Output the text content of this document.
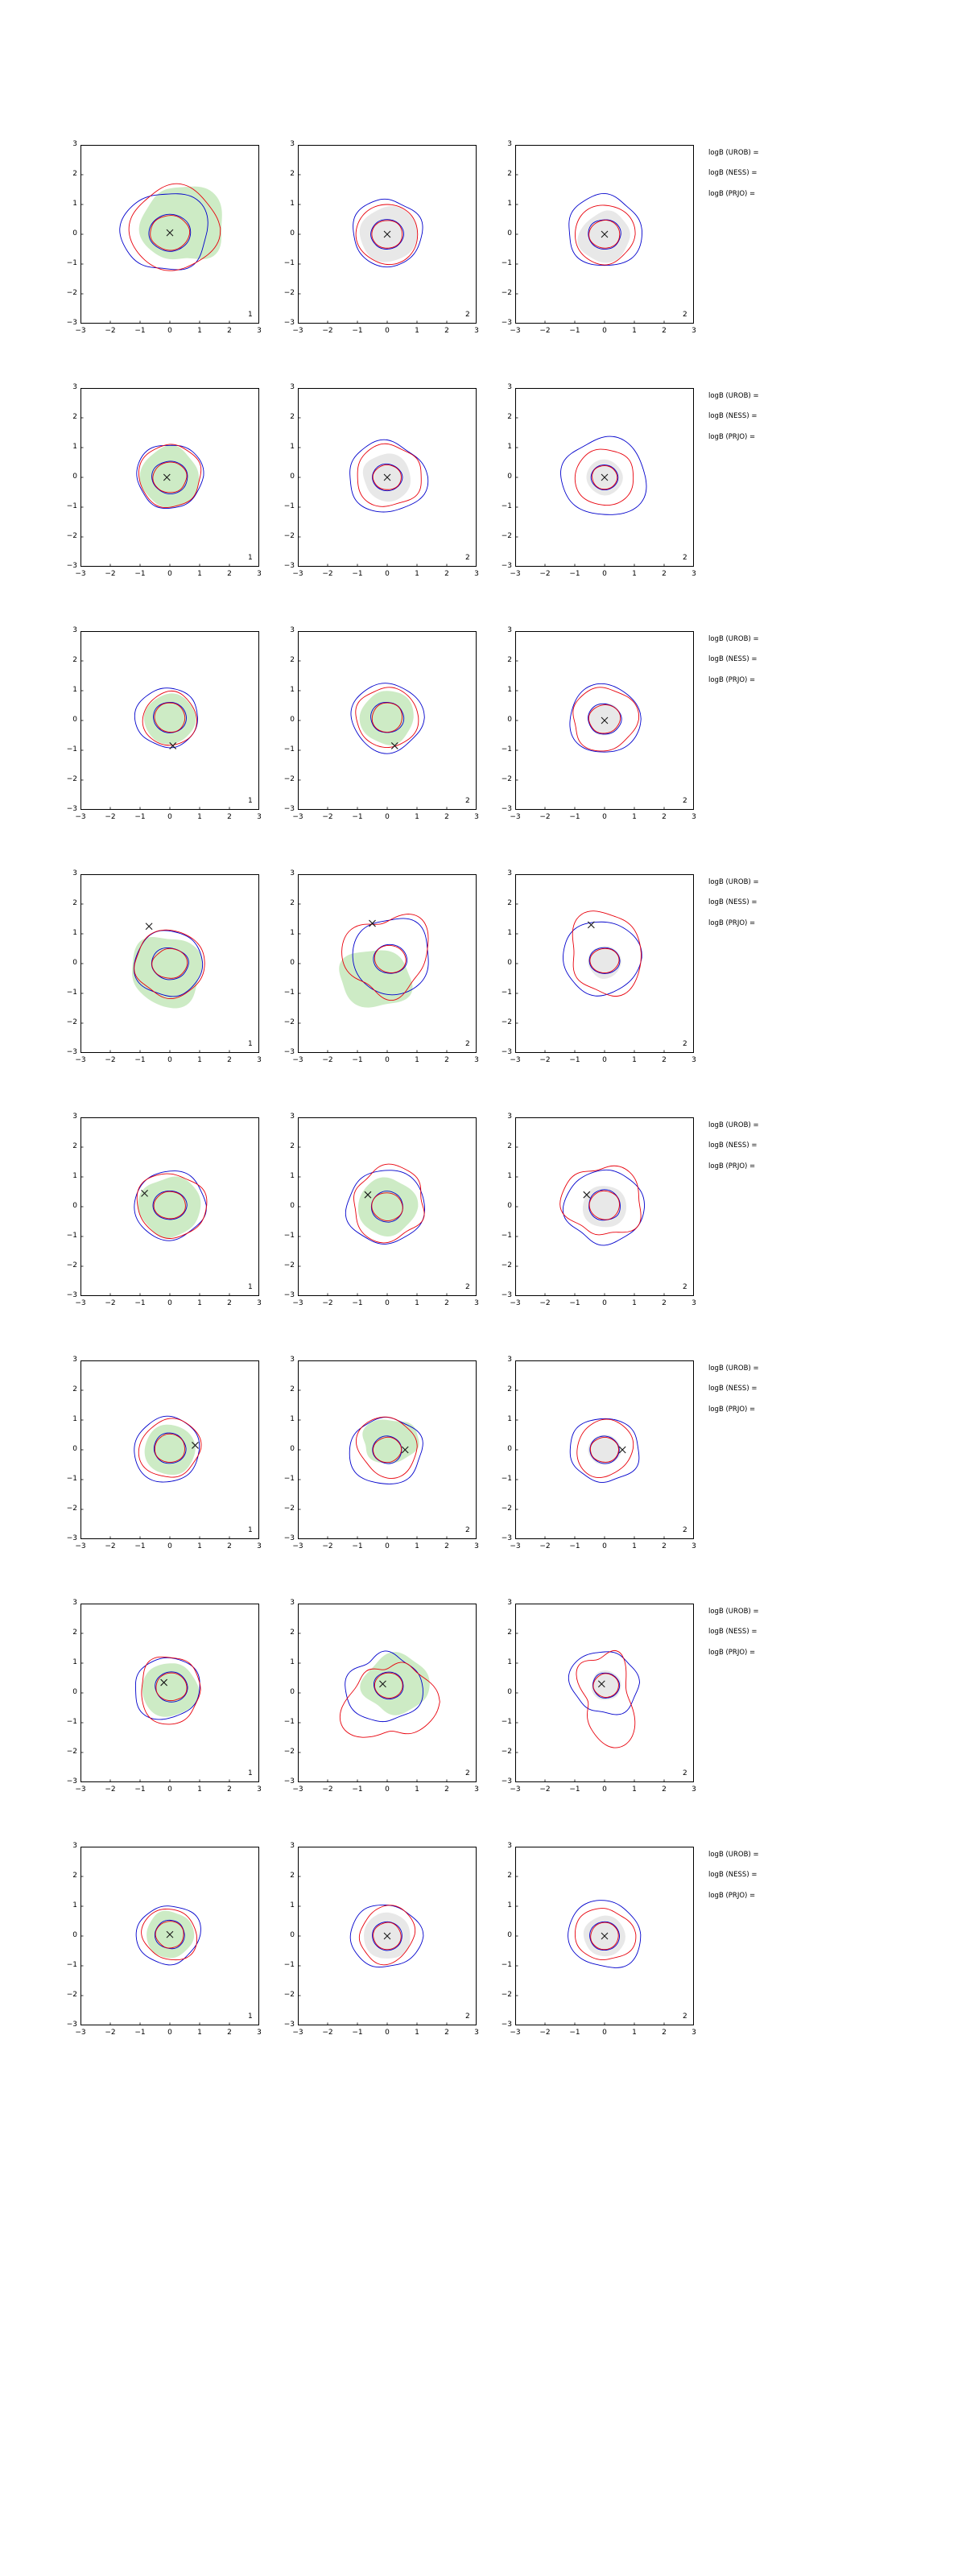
−3	−2	−1	0	1	2	3
−3
−2
−1
0
1
2
3
1
−3	−2	−1	0	1	2	3
−3
−2
−1
0
1
2
3
2
−3	−2	−1	0	1	2	3
−3
−2
−1
0
1
2
3
2
−3	−2	−1	0	1	2	3
−3
−2
−1
0
1
2
3
1
−3	−2	−1	0	1	2	3
−3
−2
−1
0
1
2
3
2
−3	−2	−1	0	1	2	3
−3
−2
−1
0
1
2
3
2
−3	−2	−1	0	1	2	3
−3
−2
−1
0
1
2
3
1
−3	−2	−1	0	1	2	3
−3
−2
−1
0
1
2
3
2
−3	−2	−1	0	1	2	3
−3
−2
−1
0
1
2
3
2
−3	−2	−1	0	1	2	3
−3
−2
−1
0
1
2
3
1
−3	−2	−1	0	1	2	3
−3
−2
−1
0
1
2
3
2
−3	−2	−1	0	1	2	3
−3
−2
−1
0
1
2
3
2
−3	−2	−1	0	1	2	3
−3
−2
−1
0
1
2
3
1
−3	−2	−1	0	1	2	3
−3
−2
−1
0
1
2
3
2
−3	−2	−1	0	1	2	3
−3
−2
−1
0
1
2
3
2
−3	−2	−1	0	1	2	3
−3
−2
−1
0
1
2
3
1
−3	−2	−1	0	1	2	3
−3
−2
−1
0
1
2
3
2
−3	−2	−1	0	1	2	3
−3
−2
−1
0
1
2
3
2
−3	−2	−1	0	1	2	3
−3
−2
−1
0
1
2
3
1
−3	−2	−1	0	1	2	3
−3
−2
−1
0
1
2
3
2
−3	−2	−1	0	1	2	3
−3
−2
−1
0
1
2
3
2
−3	−2	−1	0	1	2	3
−3
−2
−1
0
1
2
3
1
−3	−2	−1	0	1	2	3
−3
−2
−1
0
1
2
3
2
−3	−2	−1	0	1	2	3
−3
−2
−1
0
1
2
3
2
logB (UROB) =
logB (NESS) =
logB (PRJO) =
logB (UROB) =
logB (NESS) =
logB (PRJO) =
logB (UROB) =
logB (NESS) =
logB (PRJO) =
logB (UROB) =
logB (NESS) =
logB (PRJO) =
logB (UROB) =
logB (NESS) =
logB (PRJO) =
logB (UROB) =
logB (NESS) =
logB (PRJO) =
logB (UROB) =
logB (NESS) =
logB (PRJO) =
logB (UROB) =
logB (NESS) =
logB (PRJO) =
